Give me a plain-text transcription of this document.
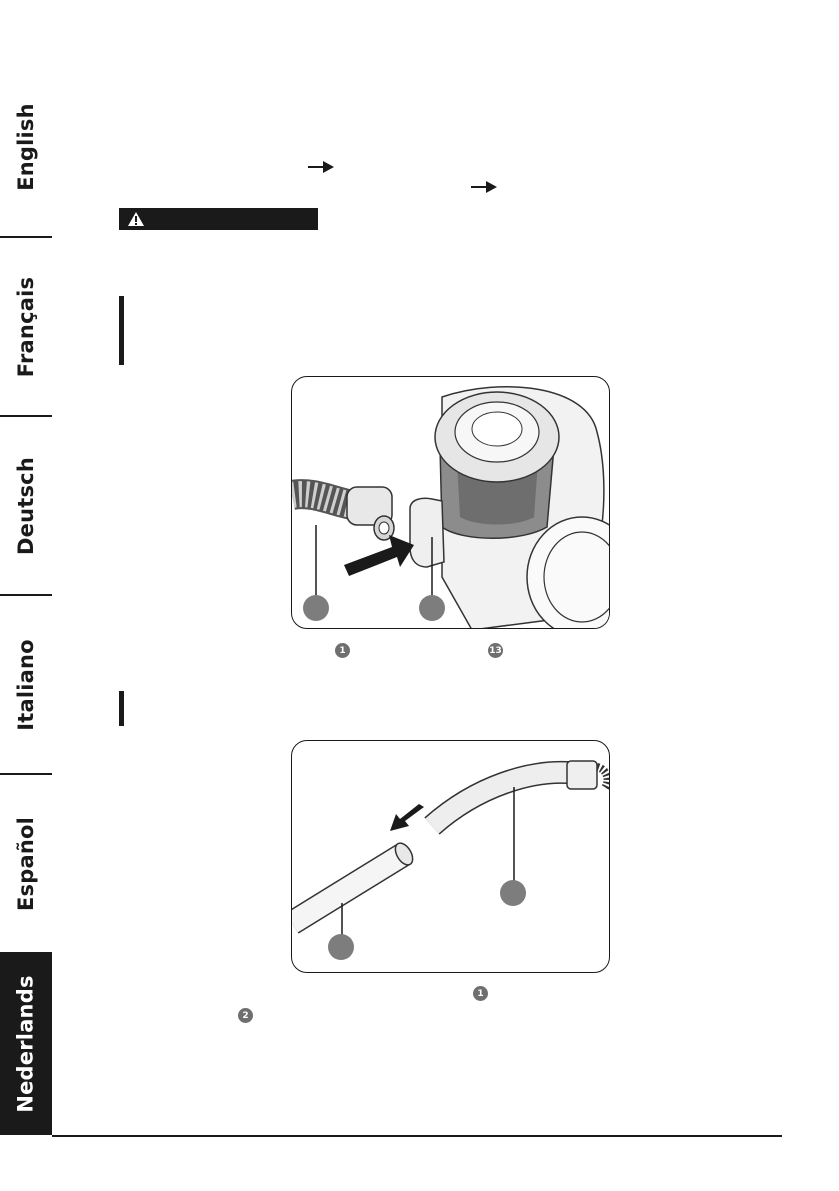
English
Français
Deutsch
Italiano
Español
Nederlands
1	13
1
2
